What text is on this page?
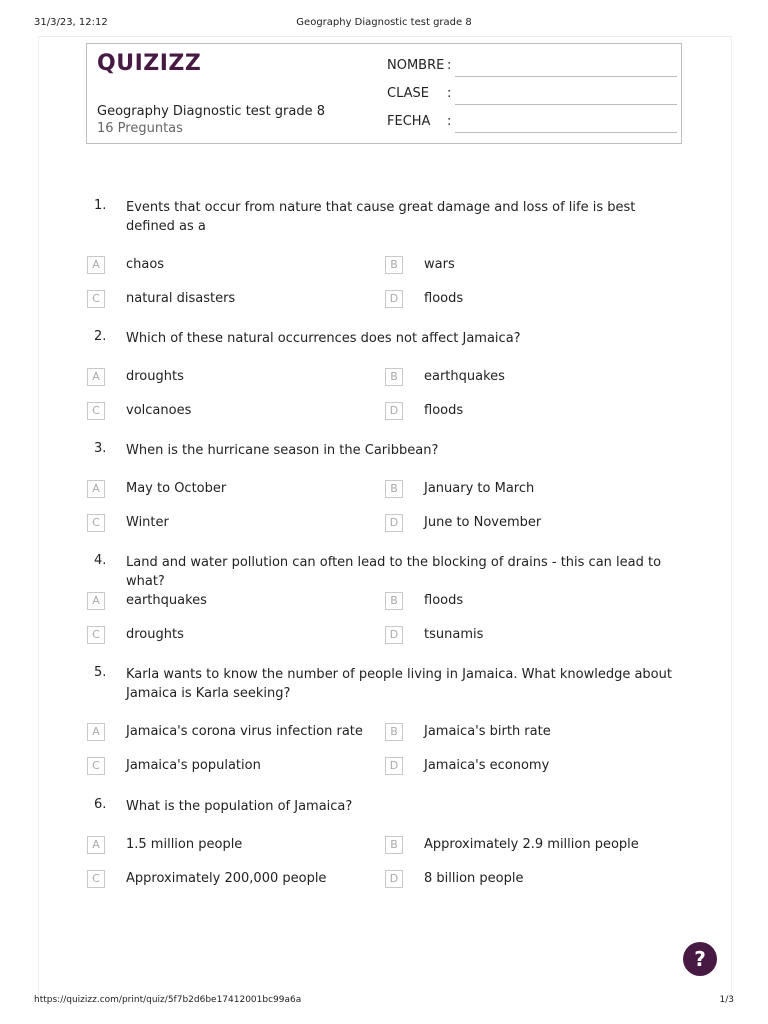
31/3/23, 12:12	Geography Diagnostic test grade 8
QUIZIZZ
Geography Diagnostic test grade 8
16 Preguntas
NOMBRE :
CLASE :
FECHA :
1. Events that occur from nature that cause great damage and loss of life is best defined as a
A	chaos	B	wars
C	natural disasters	D	floods
2. Which of these natural occurrences does not affect Jamaica?
A	droughts	B	earthquakes
C	volcanoes	D	floods
3. When is the hurricane season in the Caribbean?
A	May to October	B	January to March
C	Winter	D	June to November
4. Land and water pollution can often lead to the blocking of drains - this can lead to what?
A	earthquakes	B	floods
C	droughts	D	tsunamis
5. Karla wants to know the number of people living in Jamaica. What knowledge about Jamaica is Karla seeking?
A	Jamaica's corona virus infection rate	B	Jamaica's birth rate
C	Jamaica's population	D	Jamaica's economy
6. What is the population of Jamaica?
A	1.5 million people	B	Approximately 2.9 million people
C	Approximately 200,000 people	D	8 billion people
?
https://quizizz.com/print/quiz/5f7b2d6be17412001bc99a6a	1/3
